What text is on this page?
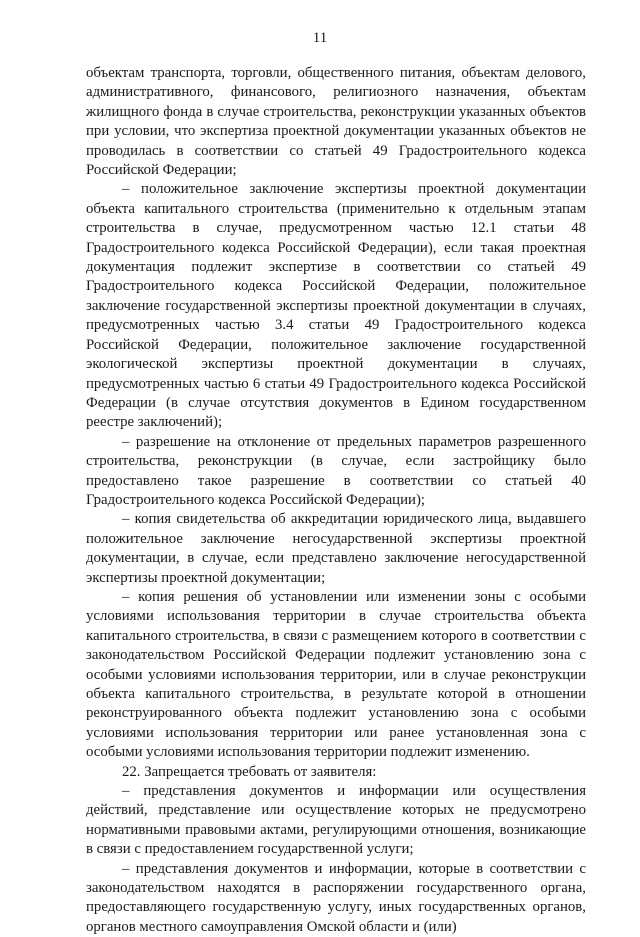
11

объектам транспорта, торговли, общественного питания, объектам делового, административного, финансового, религиозного назначения, объектам жилищного фонда в случае строительства, реконструкции указанных объектов при условии, что экспертиза проектной документации указанных объектов не проводилась в соответствии со статьей 49 Градостроительного кодекса Российской Федерации;

– положительное заключение экспертизы проектной документации объекта капитального строительства (применительно к отдельным этапам строительства в случае, предусмотренном частью 12.1 статьи 48 Градостроительного кодекса Российской Федерации), если такая проектная документация подлежит экспертизе в соответствии со статьей 49 Градостроительного кодекса Российской Федерации, положительное заключение государственной экспертизы проектной документации в случаях, предусмотренных частью 3.4 статьи 49 Градостроительного кодекса Российской Федерации, положительное заключение государственной экологической экспертизы проектной документации в случаях, предусмотренных частью 6 статьи 49 Градостроительного кодекса Российской Федерации (в случае отсутствия документов в Едином государственном реестре заключений);

– разрешение на отклонение от предельных параметров разрешенного строительства, реконструкции (в случае, если застройщику было предоставлено такое разрешение в соответствии со статьей 40 Градостроительного кодекса Российской Федерации);

– копия свидетельства об аккредитации юридического лица, выдавшего положительное заключение негосударственной экспертизы проектной документации, в случае, если представлено заключение негосударственной экспертизы проектной документации;

– копия решения об установлении или изменении зоны с особыми условиями использования территории в случае строительства объекта капитального строительства, в связи с размещением которого в соответствии с законодательством Российской Федерации подлежит установлению зона с особыми условиями использования территории, или в случае реконструкции объекта капитального строительства, в результате которой в отношении реконструированного объекта подлежит установлению зона с особыми условиями использования территории или ранее установленная зона с особыми условиями использования территории подлежит изменению.

22. Запрещается требовать от заявителя:

– представления документов и информации или осуществления действий, представление или осуществление которых не предусмотрено нормативными правовыми актами, регулирующими отношения, возникающие в связи с предоставлением государственной услуги;

– представления документов и информации, которые в соответствии с законодательством находятся в распоряжении государственного органа, предоставляющего государственную услугу, иных государственных органов, органов местного самоуправления Омской области и (или)
